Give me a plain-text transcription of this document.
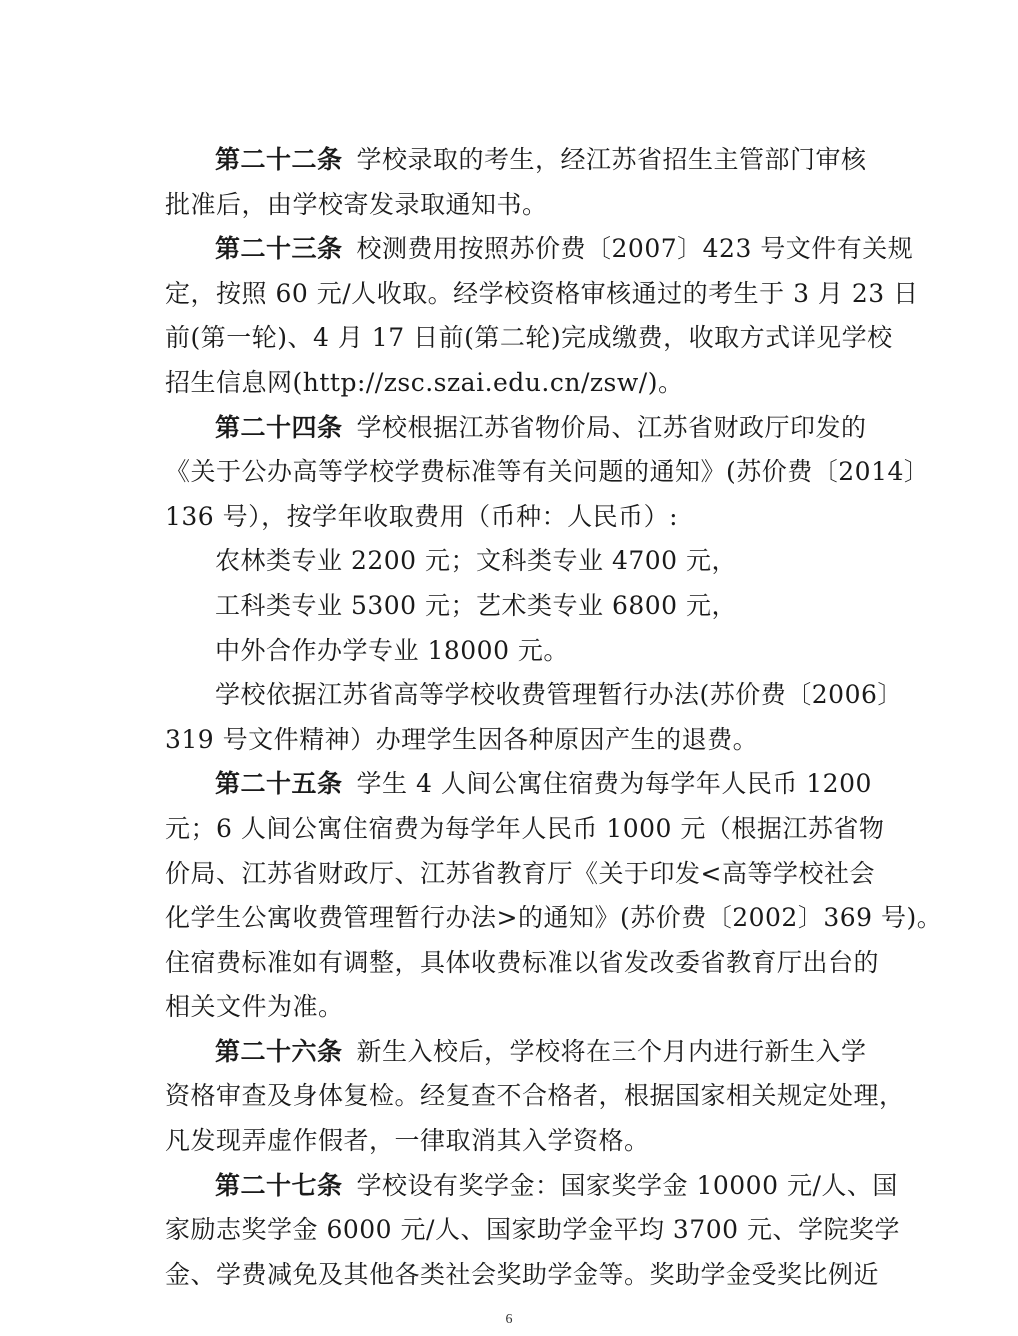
第二十二条 学校录取的考生，经江苏省招生主管部门审核
批准后，由学校寄发录取通知书。
第二十三条 校测费用按照苏价费〔2007〕423 号文件有关规
定，按照 60 元/人收取。经学校资格审核通过的考生于 3 月 23 日
前(第一轮)、4 月 17 日前(第二轮)完成缴费，收取方式详见学校
招生信息网(http://zsc.szai.edu.cn/zsw/)。
第二十四条 学校根据江苏省物价局、江苏省财政厅印发的
《关于公办高等学校学费标准等有关问题的通知》(苏价费〔2014〕
136 号），按学年收取费用（币种：人民币）:
农林类专业 2200 元；文科类专业 4700 元，
工科类专业 5300 元；艺术类专业 6800 元，
中外合作办学专业 18000 元。
学校依据江苏省高等学校收费管理暂行办法(苏价费〔2006〕
319 号文件精神）办理学生因各种原因产生的退费。
第二十五条 学生 4 人间公寓住宿费为每学年人民币 1200
元；6 人间公寓住宿费为每学年人民币 1000 元（根据江苏省物
价局、江苏省财政厅、江苏省教育厅《关于印发<高等学校社会
化学生公寓收费管理暂行办法>的通知》(苏价费〔2002〕369 号)。
住宿费标准如有调整，具体收费标准以省发改委省教育厅出台的
相关文件为准。
第二十六条 新生入校后，学校将在三个月内进行新生入学
资格审查及身体复检。经复查不合格者，根据国家相关规定处理，
凡发现弄虚作假者，一律取消其入学资格。
第二十七条 学校设有奖学金：国家奖学金 10000 元/人、国
家励志奖学金 6000 元/人、国家助学金平均 3700 元、学院奖学
金、学费减免及其他各类社会奖助学金等。奖助学金受奖比例近
6
